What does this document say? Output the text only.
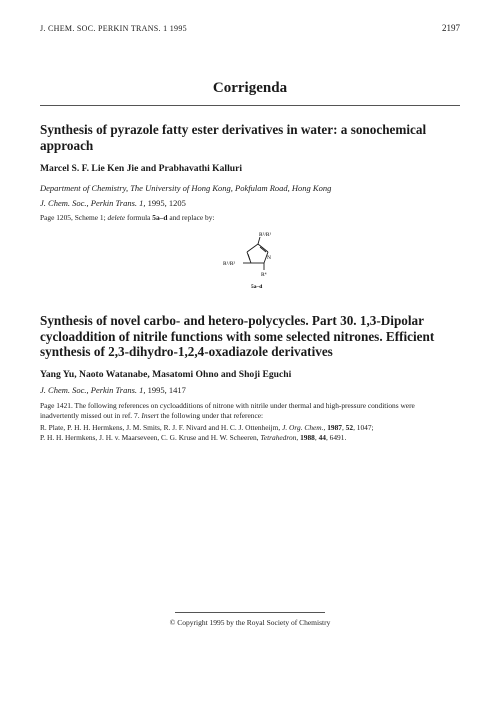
J. CHEM. SOC. PERKIN TRANS. 1 1995	2197
Corrigenda
Synthesis of pyrazole fatty ester derivatives in water: a sonochemical
approach
Marcel S. F. Lie Ken Jie and Prabhavathi Kalluri
Department of Chemistry, The University of Hong Kong, Pokfulam Road, Hong Kong
J. Chem. Soc., Perkin Trans. 1, 1995, 1205
Page 1205, Scheme 1; delete formula 5a–d and replace by:
R²/R¹
R¹/R²
N
R⁴
5a–d
Synthesis of novel carbo- and hetero-polycycles. Part 30. 1,3-Dipolar
cycloaddition of nitrile functions with some selected nitrones. Efficient
synthesis of 2,3-dihydro-1,2,4-oxadiazole derivatives
Yang Yu, Naoto Watanabe, Masatomi Ohno and Shoji Eguchi
J. Chem. Soc., Perkin Trans. 1, 1995, 1417
Page 1421. The following references on cycloadditions of nitrone with nitrile under thermal and high-pressure conditions were
inadvertently missed out in ref. 7. Insert the following under that reference:
R. Plate, P. H. H. Hermkens, J. M. Smits, R. J. F. Nivard and H. C. J. Ottenheijm, J. Org. Chem., 1987, 52, 1047;
P. H. H. Hermkens, J. H. v. Maarseveen, C. G. Kruse and H. W. Scheeren, Tetrahedron, 1988, 44, 6491.
© Copyright 1995 by the Royal Society of Chemistry
